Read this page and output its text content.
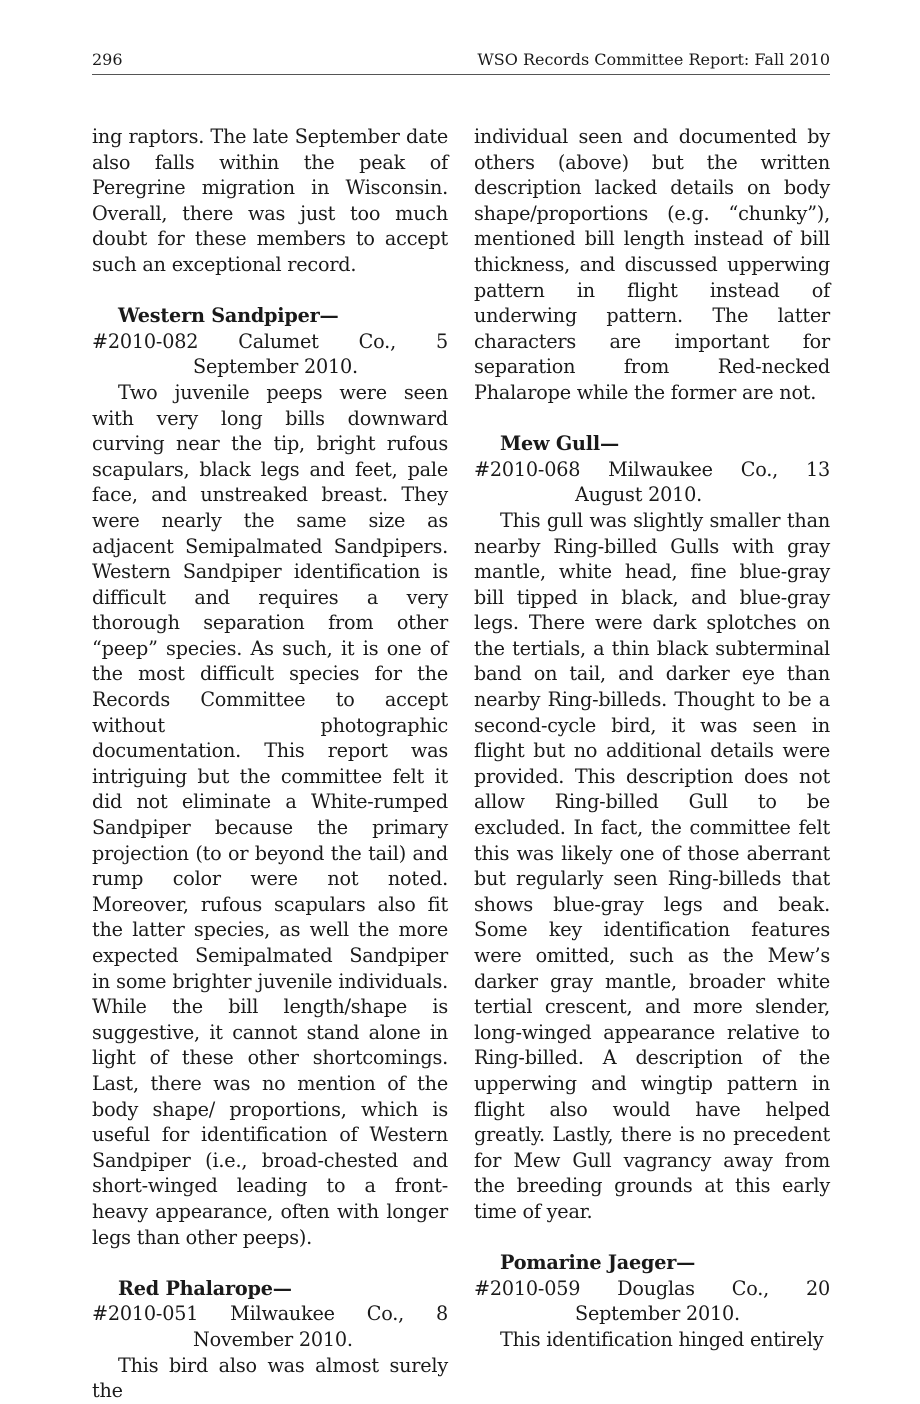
296	WSO Records Committee Report: Fall 2010

ing raptors. The late September date also falls within the peak of Peregrine migration in Wisconsin. Overall, there was just too much doubt for these members to accept such an exceptional record.

Western Sandpiper—

#2010-082 Calumet Co., 5 September 2010.

Two juvenile peeps were seen with very long bills downward curving near the tip, bright rufous scapulars, black legs and feet, pale face, and unstreaked breast. They were nearly the same size as adjacent Semipalmated Sandpipers. Western Sandpiper identification is difficult and requires a very thorough separation from other “peep” species. As such, it is one of the most difficult species for the Records Committee to accept without photographic documentation. This report was intriguing but the committee felt it did not eliminate a White-rumped Sandpiper because the primary projection (to or beyond the tail) and rump color were not noted. Moreover, rufous scapulars also fit the latter species, as well the more expected Semipalmated Sandpiper in some brighter juvenile individuals. While the bill length/shape is suggestive, it cannot stand alone in light of these other shortcomings. Last, there was no mention of the body shape/ proportions, which is useful for identification of Western Sandpiper (i.e., broad-chested and short-winged leading to a front-heavy appearance, often with longer legs than other peeps).

Red Phalarope—

#2010-051 Milwaukee Co., 8 November 2010.

This bird also was almost surely the

individual seen and documented by others (above) but the written description lacked details on body shape/proportions (e.g. “chunky”), mentioned bill length instead of bill thickness, and discussed upperwing pattern in flight instead of underwing pattern. The latter characters are important for separation from Red-necked Phalarope while the former are not.

Mew Gull—

#2010-068 Milwaukee Co., 13 August 2010.

This gull was slightly smaller than nearby Ring-billed Gulls with gray mantle, white head, fine blue-gray bill tipped in black, and blue-gray legs. There were dark splotches on the tertials, a thin black subterminal band on tail, and darker eye than nearby Ring-billeds. Thought to be a second-cycle bird, it was seen in flight but no additional details were provided. This description does not allow Ring-billed Gull to be excluded. In fact, the committee felt this was likely one of those aberrant but regularly seen Ring-billeds that shows blue-gray legs and beak. Some key identification features were omitted, such as the Mew’s darker gray mantle, broader white tertial crescent, and more slender, long-winged appearance relative to Ring-billed. A description of the upperwing and wingtip pattern in flight also would have helped greatly. Lastly, there is no precedent for Mew Gull vagrancy away from the breeding grounds at this early time of year.

Pomarine Jaeger—

#2010-059 Douglas Co., 20 September 2010.

This identification hinged entirely
